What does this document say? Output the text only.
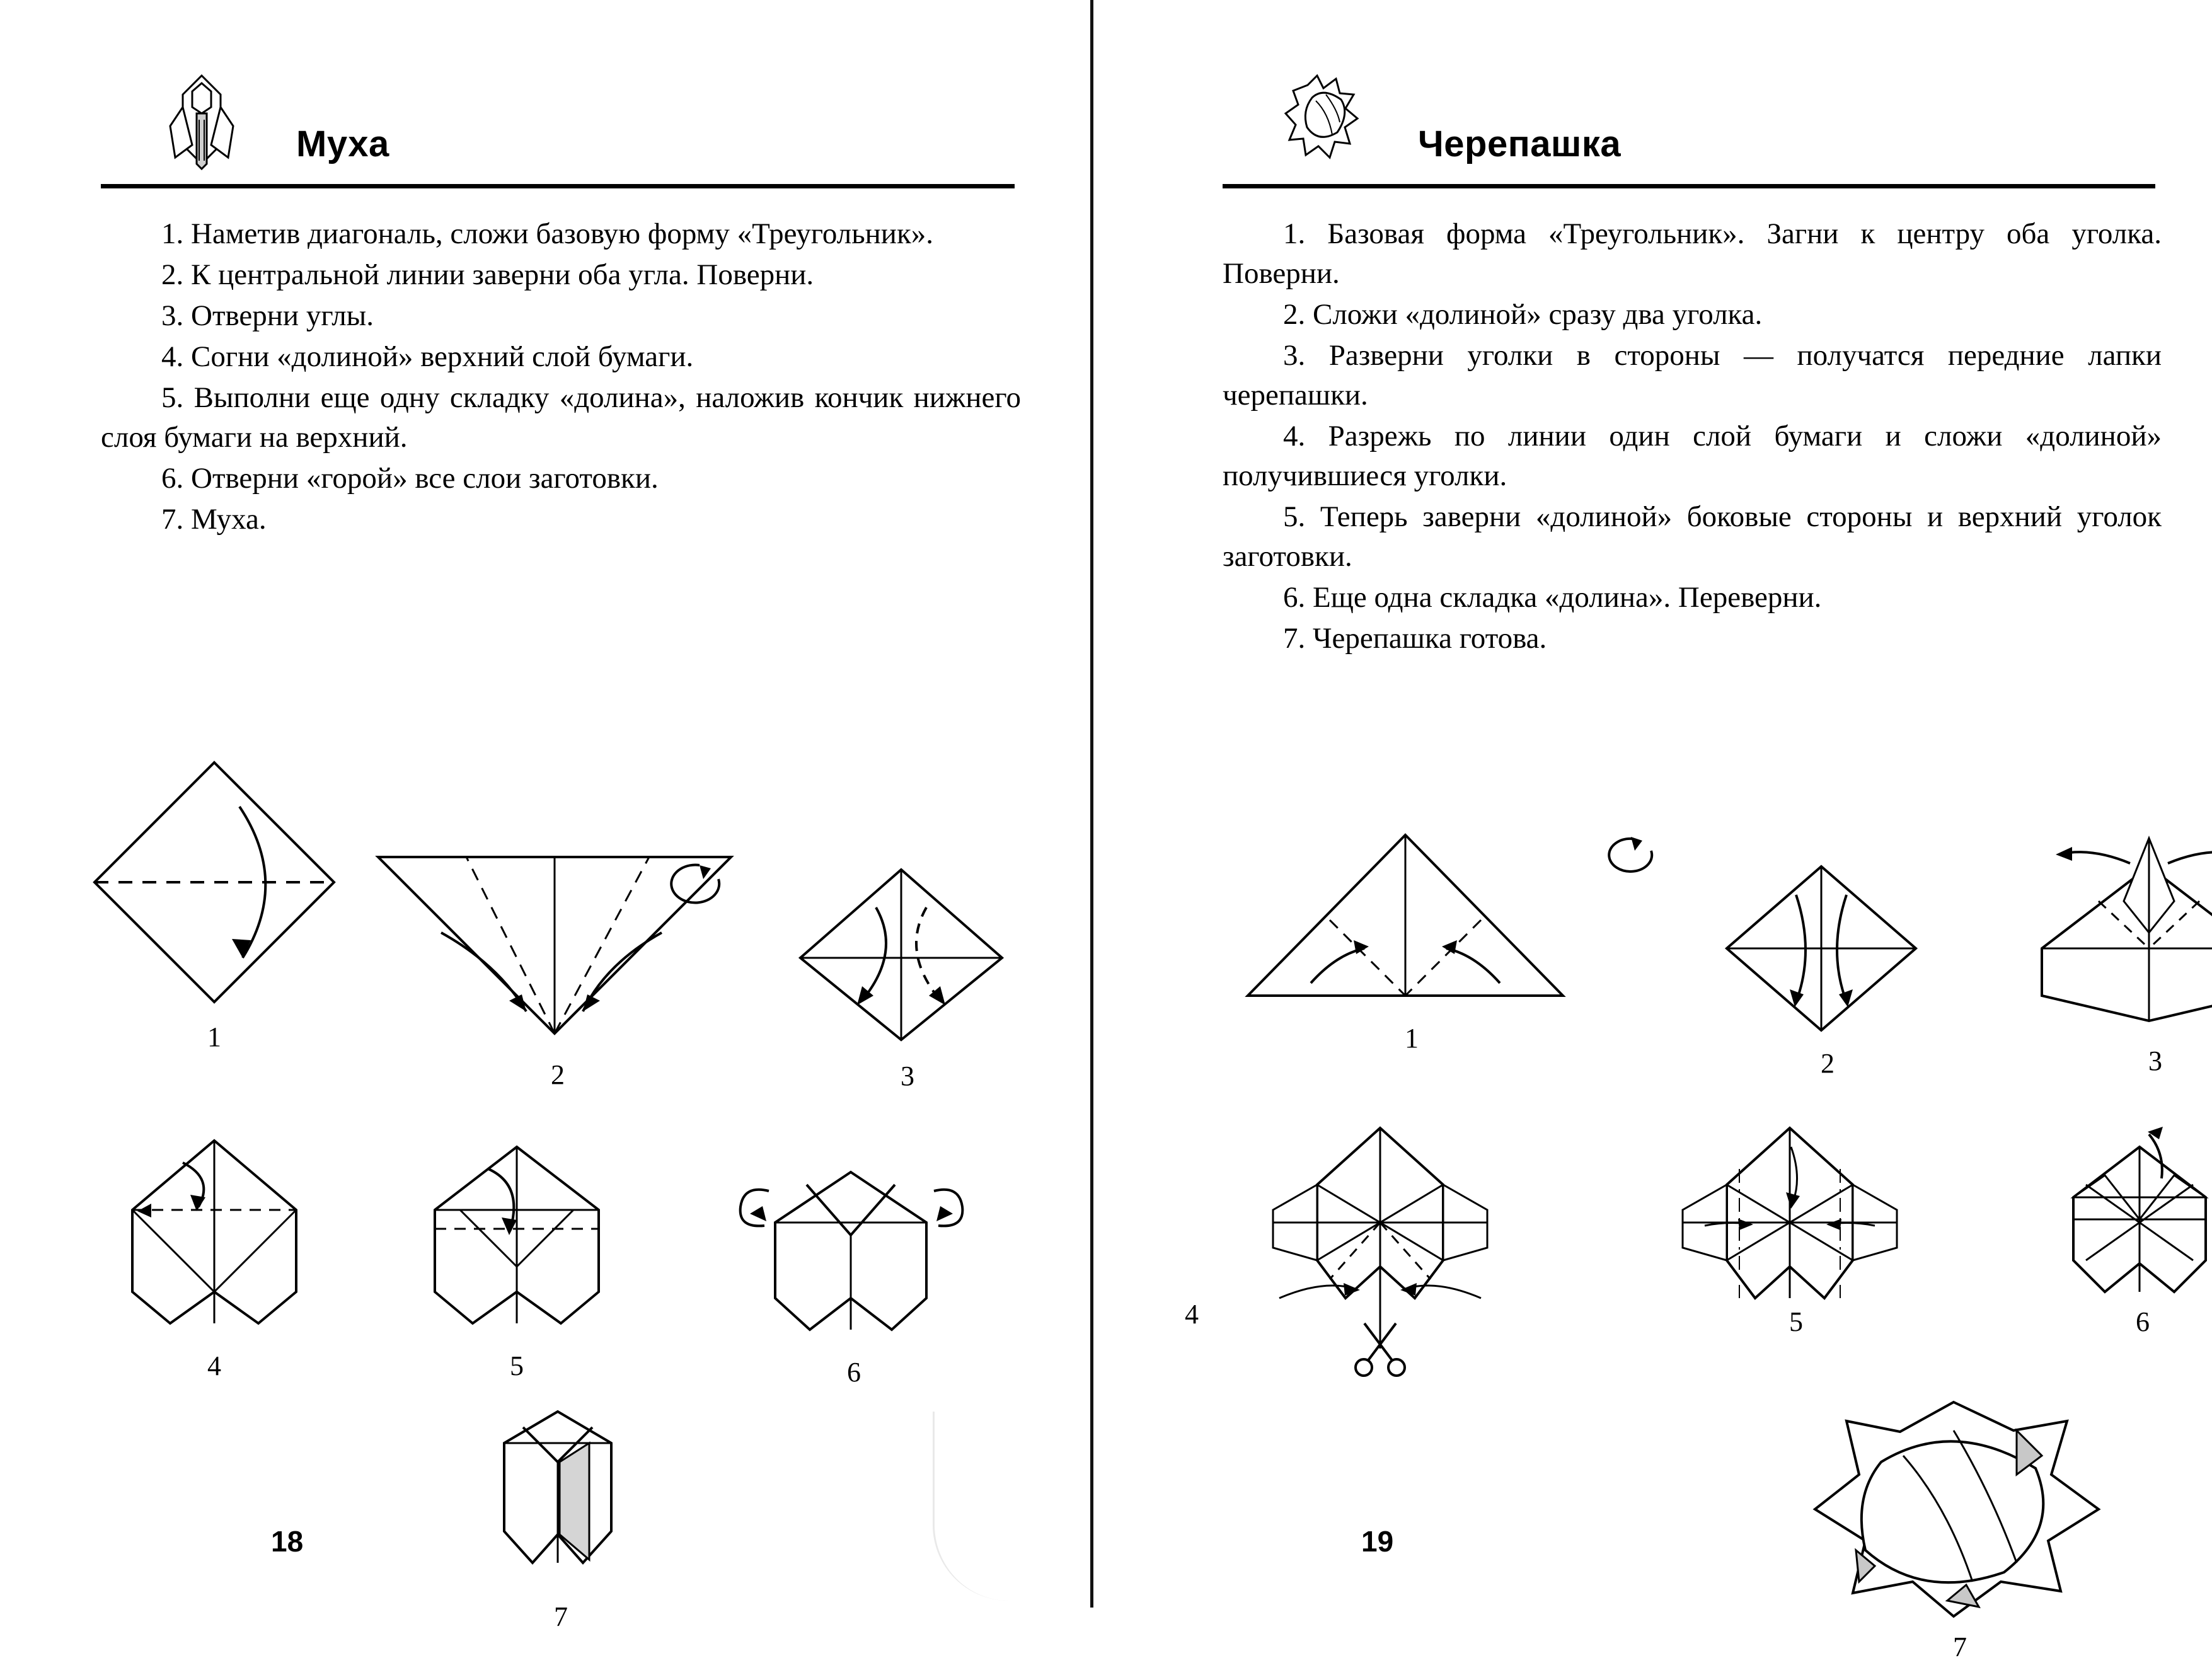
Муха

1. Наметив диагональ, сложи базовую форму «Треугольник».

2. К центральной линии заверни оба угла. Поверни.

3. Отверни углы.

4. Согни «долиной» верхний слой бумаги.

5. Выполни еще одну складку «долина», наложив кончик нижнего слоя бумаги на верхний.

6. Отверни «горой» все слои заготовки.

7. Муха.

1
2	3
4	5	6
7
18
Черепашка

1. Базовая форма «Треугольник». Загни к центру оба уголка. Поверни.

2. Сложи «долиной» сразу два уголка.

3. Разверни уголки в стороны — получатся передние лапки черепашки.

4. Разрежь по линии один слой бумаги и сложи «долиной» получившиеся уголки.

5. Теперь заверни «долиной» боковые стороны и верхний уголок заготовки.

6. Еще одна складка «долина». Переверни.

7. Черепашка готова.

1
2	3
4	5	6
7
19
